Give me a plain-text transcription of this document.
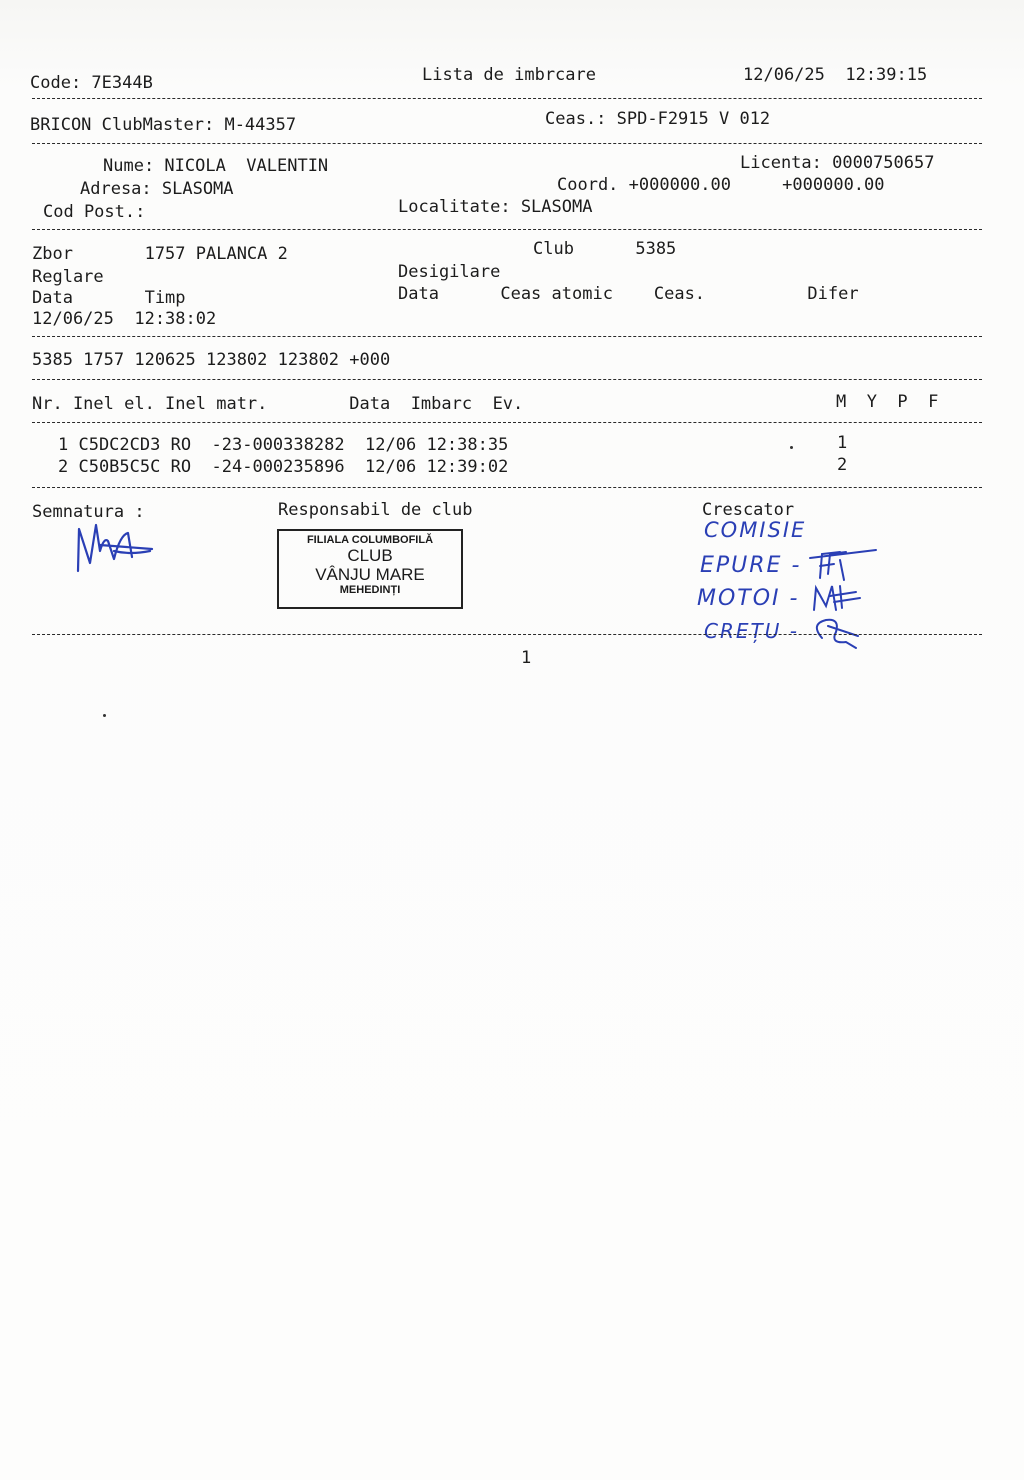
Code: 7E344B	Lista de imbrcare	12/06/25  12:39:15
BRICON ClubMaster: M-44357	Ceas.: SPD-F2915 V 012
Nume: NICOLA  VALENTIN
Adresa: SLASOMA
Cod Post.:
Licenta: 0000750657
Coord. +000000.00     +000000.00
Localitate: SLASOMA
Zbor       1757 PALANCA 2	Club      5385
Reglare	Desigilare
Data       Timp	Data      Ceas atomic    Ceas.          Difer
12/06/25  12:38:02
5385 1757 120625 123802 123802 +000
Nr. Inel el. Inel matr.        Data  Imbarc  Ev.	M  Y  P  F
1 C5DC2CD3 RO  -23-000338282  12/06 12:38:35	1
2 C50B5C5C RO  -24-000235896  12/06 12:39:02	2
Semnatura :	Responsabil de club	Crescator
FILIALA COLUMBOFILĂ
CLUB
VÂNJU MARE
MEHEDINȚI
COMISIE
EPURE -
MOTOI -
CREȚU -
1
